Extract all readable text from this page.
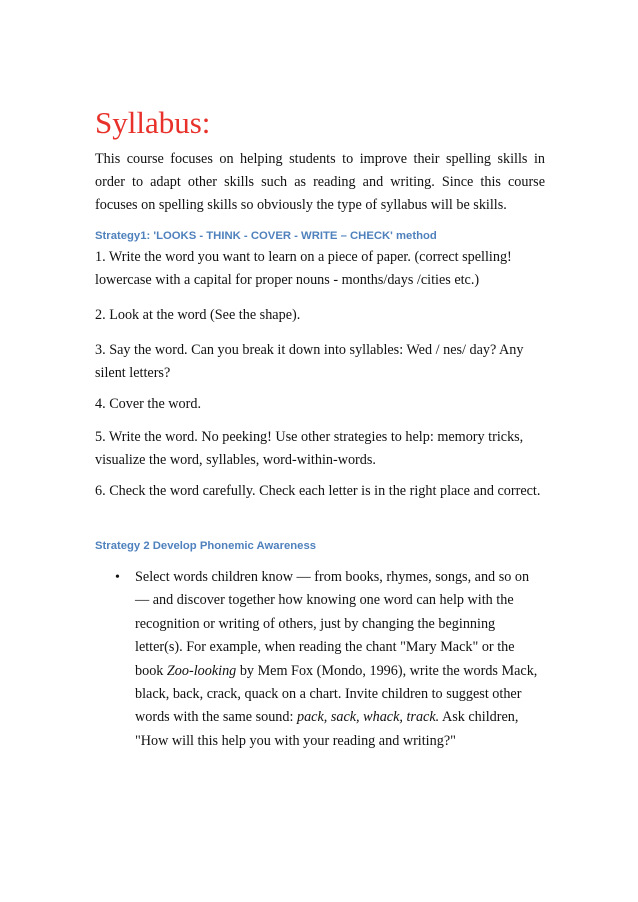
Syllabus:

This course focuses on helping students to improve their spelling skills in order to adapt other skills such as reading and writing. Since this course focuses on spelling skills so obviously the type of syllabus will be skills.

Strategy1: 'LOOKS - THINK - COVER - WRITE – CHECK' method

1. Write the word you want to learn on a piece of paper. (correct spelling! lowercase with a capital for proper nouns - months/days /cities etc.)

2. Look at the word (See the shape).

3. Say the word. Can you break it down into syllables: Wed / nes/ day? Any silent letters?

4. Cover the word.

5. Write the word. No peeking! Use other strategies to help: memory tricks, visualize the word, syllables, word-within-words.

6. Check the word carefully. Check each letter is in the right place and correct.

Strategy 2 Develop Phonemic Awareness

• Select words children know — from books, rhymes, songs, and so on — and discover together how knowing one word can help with the recognition or writing of others, just by changing the beginning letter(s). For example, when reading the chant "Mary Mack" or the book Zoo-looking by Mem Fox (Mondo, 1996), write the words Mack, black, back, crack, quack on a chart. Invite children to suggest other words with the same sound: pack, sack, whack, track. Ask children, "How will this help you with your reading and writing?"
